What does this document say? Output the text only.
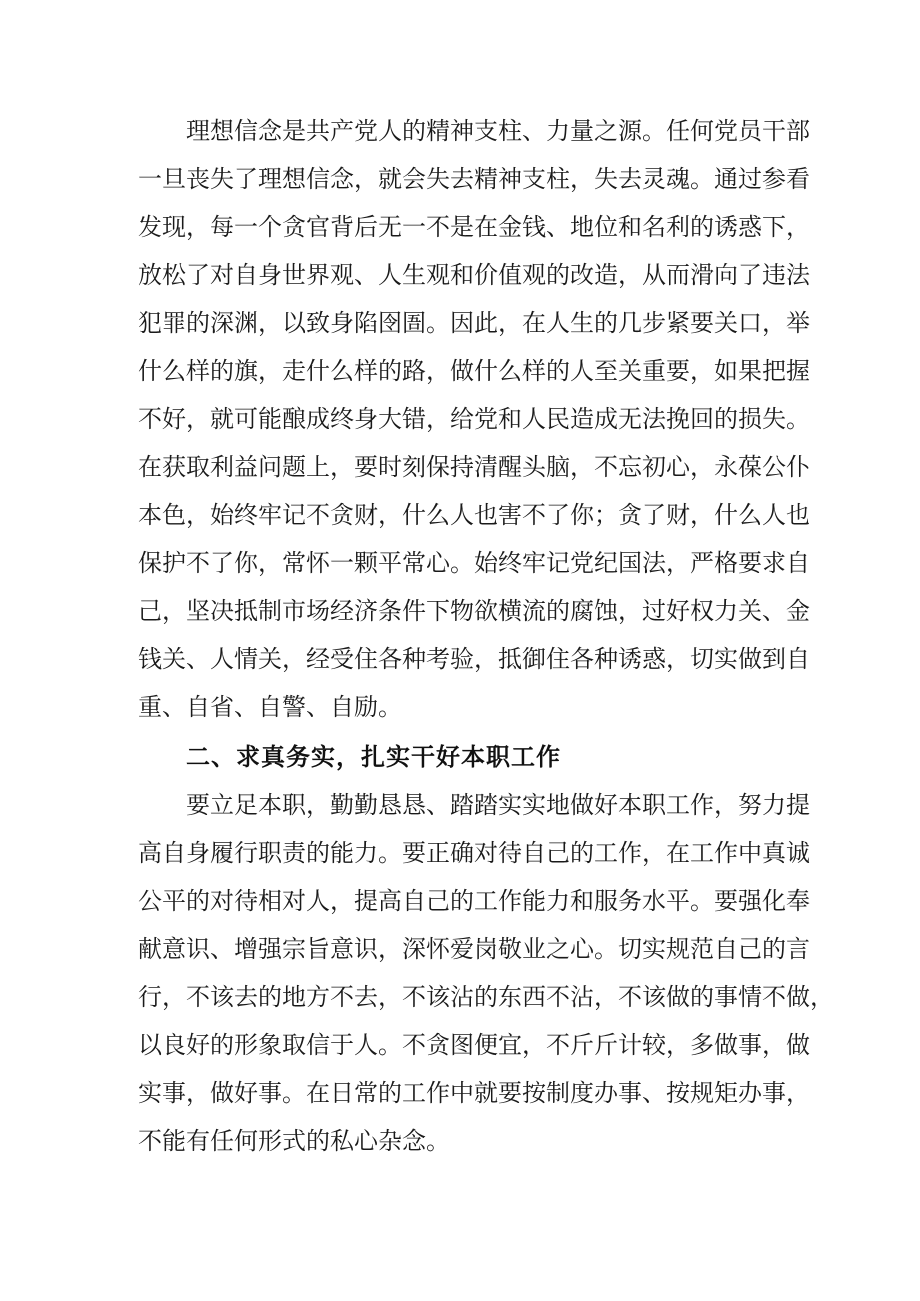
理想信念是共产党人的精神支柱、力量之源。任何党员干部
一旦丧失了理想信念，就会失去精神支柱，失去灵魂。通过参看
发现，每一个贪官背后无一不是在金钱、地位和名利的诱惑下，
放松了对自身世界观、人生观和价值观的改造，从而滑向了违法
犯罪的深渊，以致身陷囹圄。因此，在人生的几步紧要关口，举
什么样的旗，走什么样的路，做什么样的人至关重要，如果把握
不好，就可能酿成终身大错，给党和人民造成无法挽回的损失。
在获取利益问题上，要时刻保持清醒头脑，不忘初心，永葆公仆
本色，始终牢记不贪财，什么人也害不了你；贪了财，什么人也
保护不了你，常怀一颗平常心。始终牢记党纪国法，严格要求自
己，坚决抵制市场经济条件下物欲横流的腐蚀，过好权力关、金
钱关、人情关，经受住各种考验，抵御住各种诱惑，切实做到自
重、自省、自警、自励。
二、求真务实，扎实干好本职工作
要立足本职，勤勤恳恳、踏踏实实地做好本职工作，努力提
高自身履行职责的能力。要正确对待自己的工作，在工作中真诚
公平的对待相对人，提高自己的工作能力和服务水平。要强化奉
献意识、增强宗旨意识，深怀爱岗敬业之心。切实规范自己的言
行，不该去的地方不去，不该沾的东西不沾，不该做的事情不做，
以良好的形象取信于人。不贪图便宜，不斤斤计较，多做事，做
实事，做好事。在日常的工作中就要按制度办事、按规矩办事，
不能有任何形式的私心杂念。
